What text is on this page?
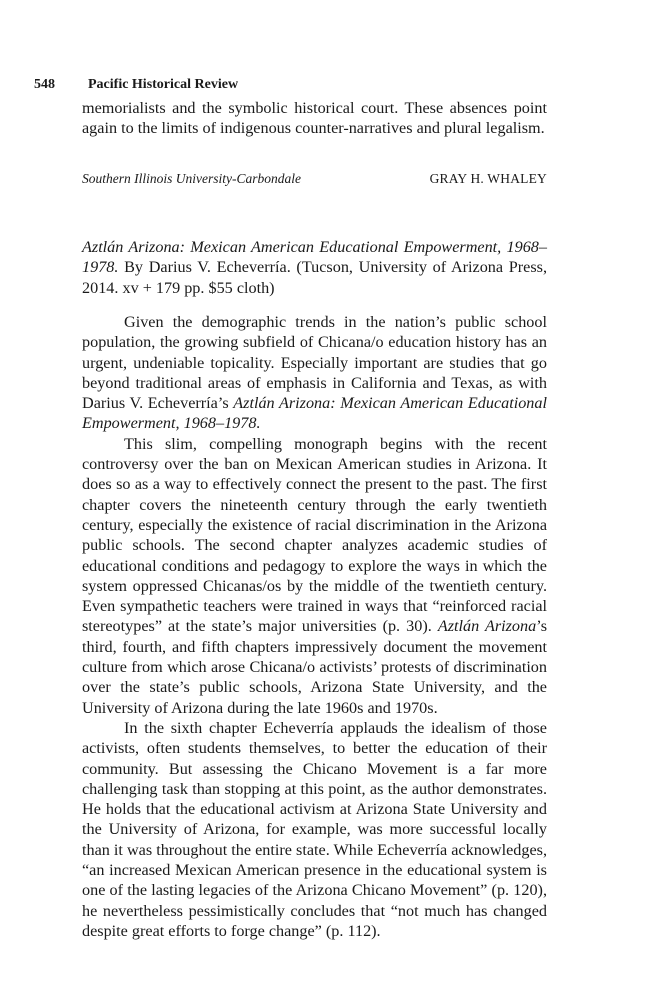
548 Pacific Historical Review

memorialists and the symbolic historical court. These absences point again to the limits of indigenous counter-narratives and plural legalism.

Southern Illinois University-Carbondale	GRAY H. WHALEY

Aztlán Arizona: Mexican American Educational Empowerment, 1968–1978. By Darius V. Echeverría. (Tucson, University of Arizona Press, 2014. xv + 179 pp. $55 cloth)

Given the demographic trends in the nation’s public school population, the growing subfield of Chicana/o education history has an urgent, undeniable topicality. Especially important are studies that go beyond traditional areas of emphasis in California and Texas, as with Darius V. Echeverría’s Aztlán Arizona: Mexican American Educational Empowerment, 1968–1978.

This slim, compelling monograph begins with the recent controversy over the ban on Mexican American studies in Arizona. It does so as a way to effectively connect the present to the past. The first chapter covers the nineteenth century through the early twentieth century, especially the existence of racial discrimination in the Arizona public schools. The second chapter analyzes academic studies of educational conditions and pedagogy to explore the ways in which the system oppressed Chicanas/os by the middle of the twentieth century. Even sympathetic teachers were trained in ways that “reinforced racial stereotypes” at the state’s major universities (p. 30). Aztlán Arizona’s third, fourth, and fifth chapters impressively document the movement culture from which arose Chicana/o activists’ protests of discrimination over the state’s public schools, Arizona State University, and the University of Arizona during the late 1960s and 1970s.

In the sixth chapter Echeverría applauds the idealism of those activists, often students themselves, to better the education of their community. But assessing the Chicano Movement is a far more challenging task than stopping at this point, as the author demonstrates. He holds that the educational activism at Arizona State University and the University of Arizona, for example, was more successful locally than it was throughout the entire state. While Echeverría acknowledges, “an increased Mexican American presence in the educational system is one of the lasting legacies of the Arizona Chicano Movement” (p. 120), he nevertheless pessimistically concludes that “not much has changed despite great efforts to forge change” (p. 112).
